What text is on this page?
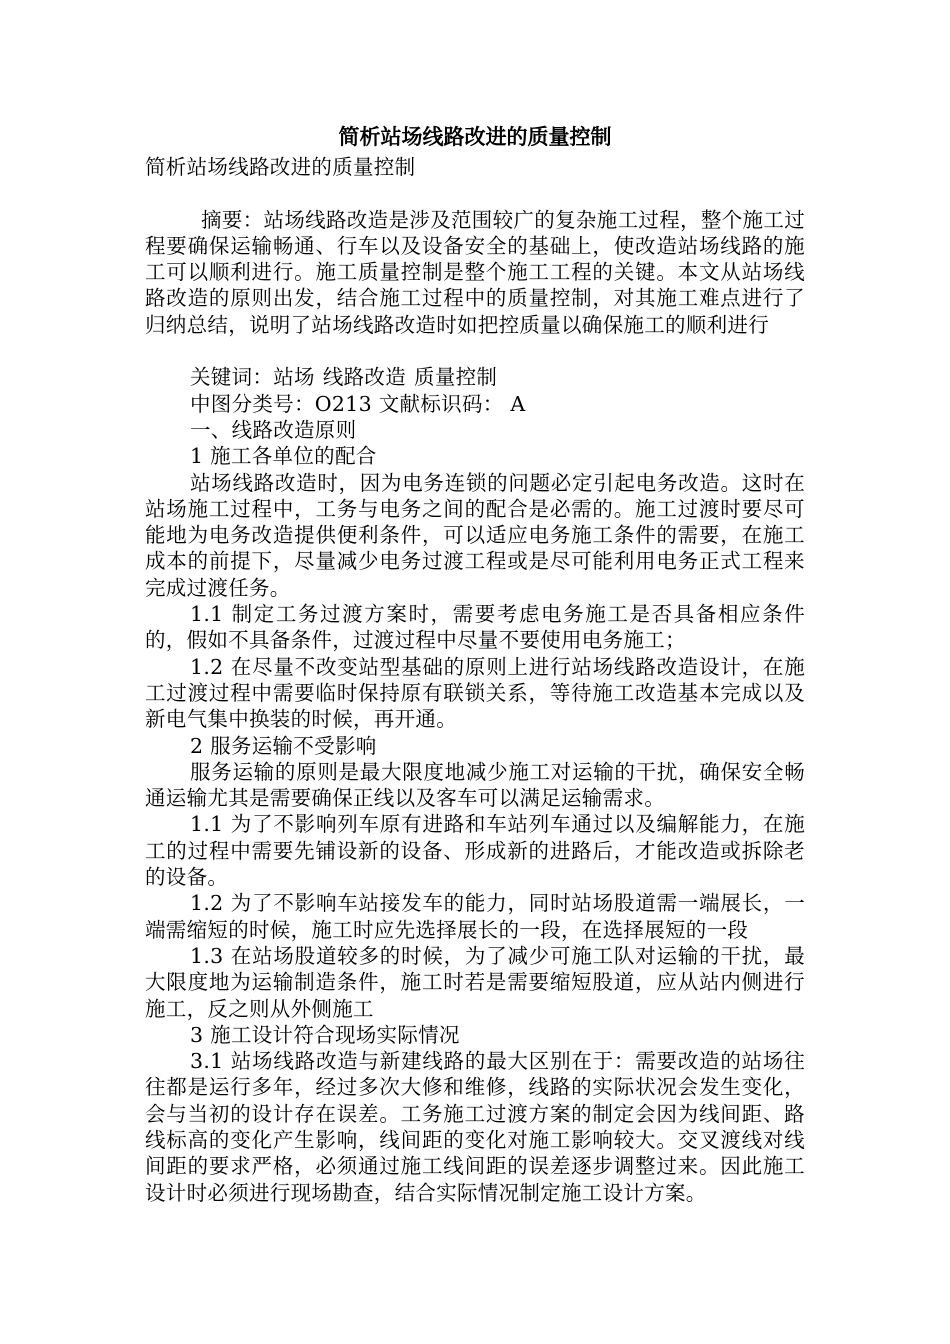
简析站场线路改进的质量控制

简析站场线路改进的质量控制

摘要：站场线路改造是涉及范围较广的复杂施工过程，整个施工过程要确保运输畅通、行车以及设备安全的基础上，使改造站场线路的施工可以顺利进行。施工质量控制是整个施工工程的关键。本文从站场线路改造的原则出发，结合施工过程中的质量控制，对其施工难点进行了归纳总结，说明了站场线路改造时如把控质量以确保施工的顺利进行

关键词：站场 线路改造 质量控制

中图分类号：O213 文献标识码： A

一、线路改造原则

1 施工各单位的配合

站场线路改造时，因为电务连锁的问题必定引起电务改造。这时在站场施工过程中，工务与电务之间的配合是必需的。施工过渡时要尽可能地为电务改造提供便利条件，可以适应电务施工条件的需要，在施工成本的前提下，尽量减少电务过渡工程或是尽可能利用电务正式工程来完成过渡任务。

1.1 制定工务过渡方案时，需要考虑电务施工是否具备相应条件的，假如不具备条件，过渡过程中尽量不要使用电务施工；

1.2 在尽量不改变站型基础的原则上进行站场线路改造设计，在施工过渡过程中需要临时保持原有联锁关系，等待施工改造基本完成以及新电气集中换装的时候，再开通。

2 服务运输不受影响

服务运输的原则是最大限度地减少施工对运输的干扰，确保安全畅通运输尤其是需要确保正线以及客车可以满足运输需求。

1.1 为了不影响列车原有进路和车站列车通过以及编解能力，在施工的过程中需要先铺设新的设备、形成新的进路后，才能改造或拆除老的设备。

1.2 为了不影响车站接发车的能力，同时站场股道需一端展长，一端需缩短的时候，施工时应先选择展长的一段，在选择展短的一段

1.3 在站场股道较多的时候，为了减少可施工队对运输的干扰，最大限度地为运输制造条件，施工时若是需要缩短股道，应从站内侧进行施工，反之则从外侧施工

3 施工设计符合现场实际情况

3.1 站场线路改造与新建线路的最大区别在于：需要改造的站场往往都是运行多年，经过多次大修和维修，线路的实际状况会发生变化，会与当初的设计存在误差。工务施工过渡方案的制定会因为线间距、路线标高的变化产生影响，线间距的变化对施工影响较大。交叉渡线对线间距的要求严格，必须通过施工线间距的误差逐步调整过来。因此施工设计时必须进行现场勘查，结合实际情况制定施工设计方案。
